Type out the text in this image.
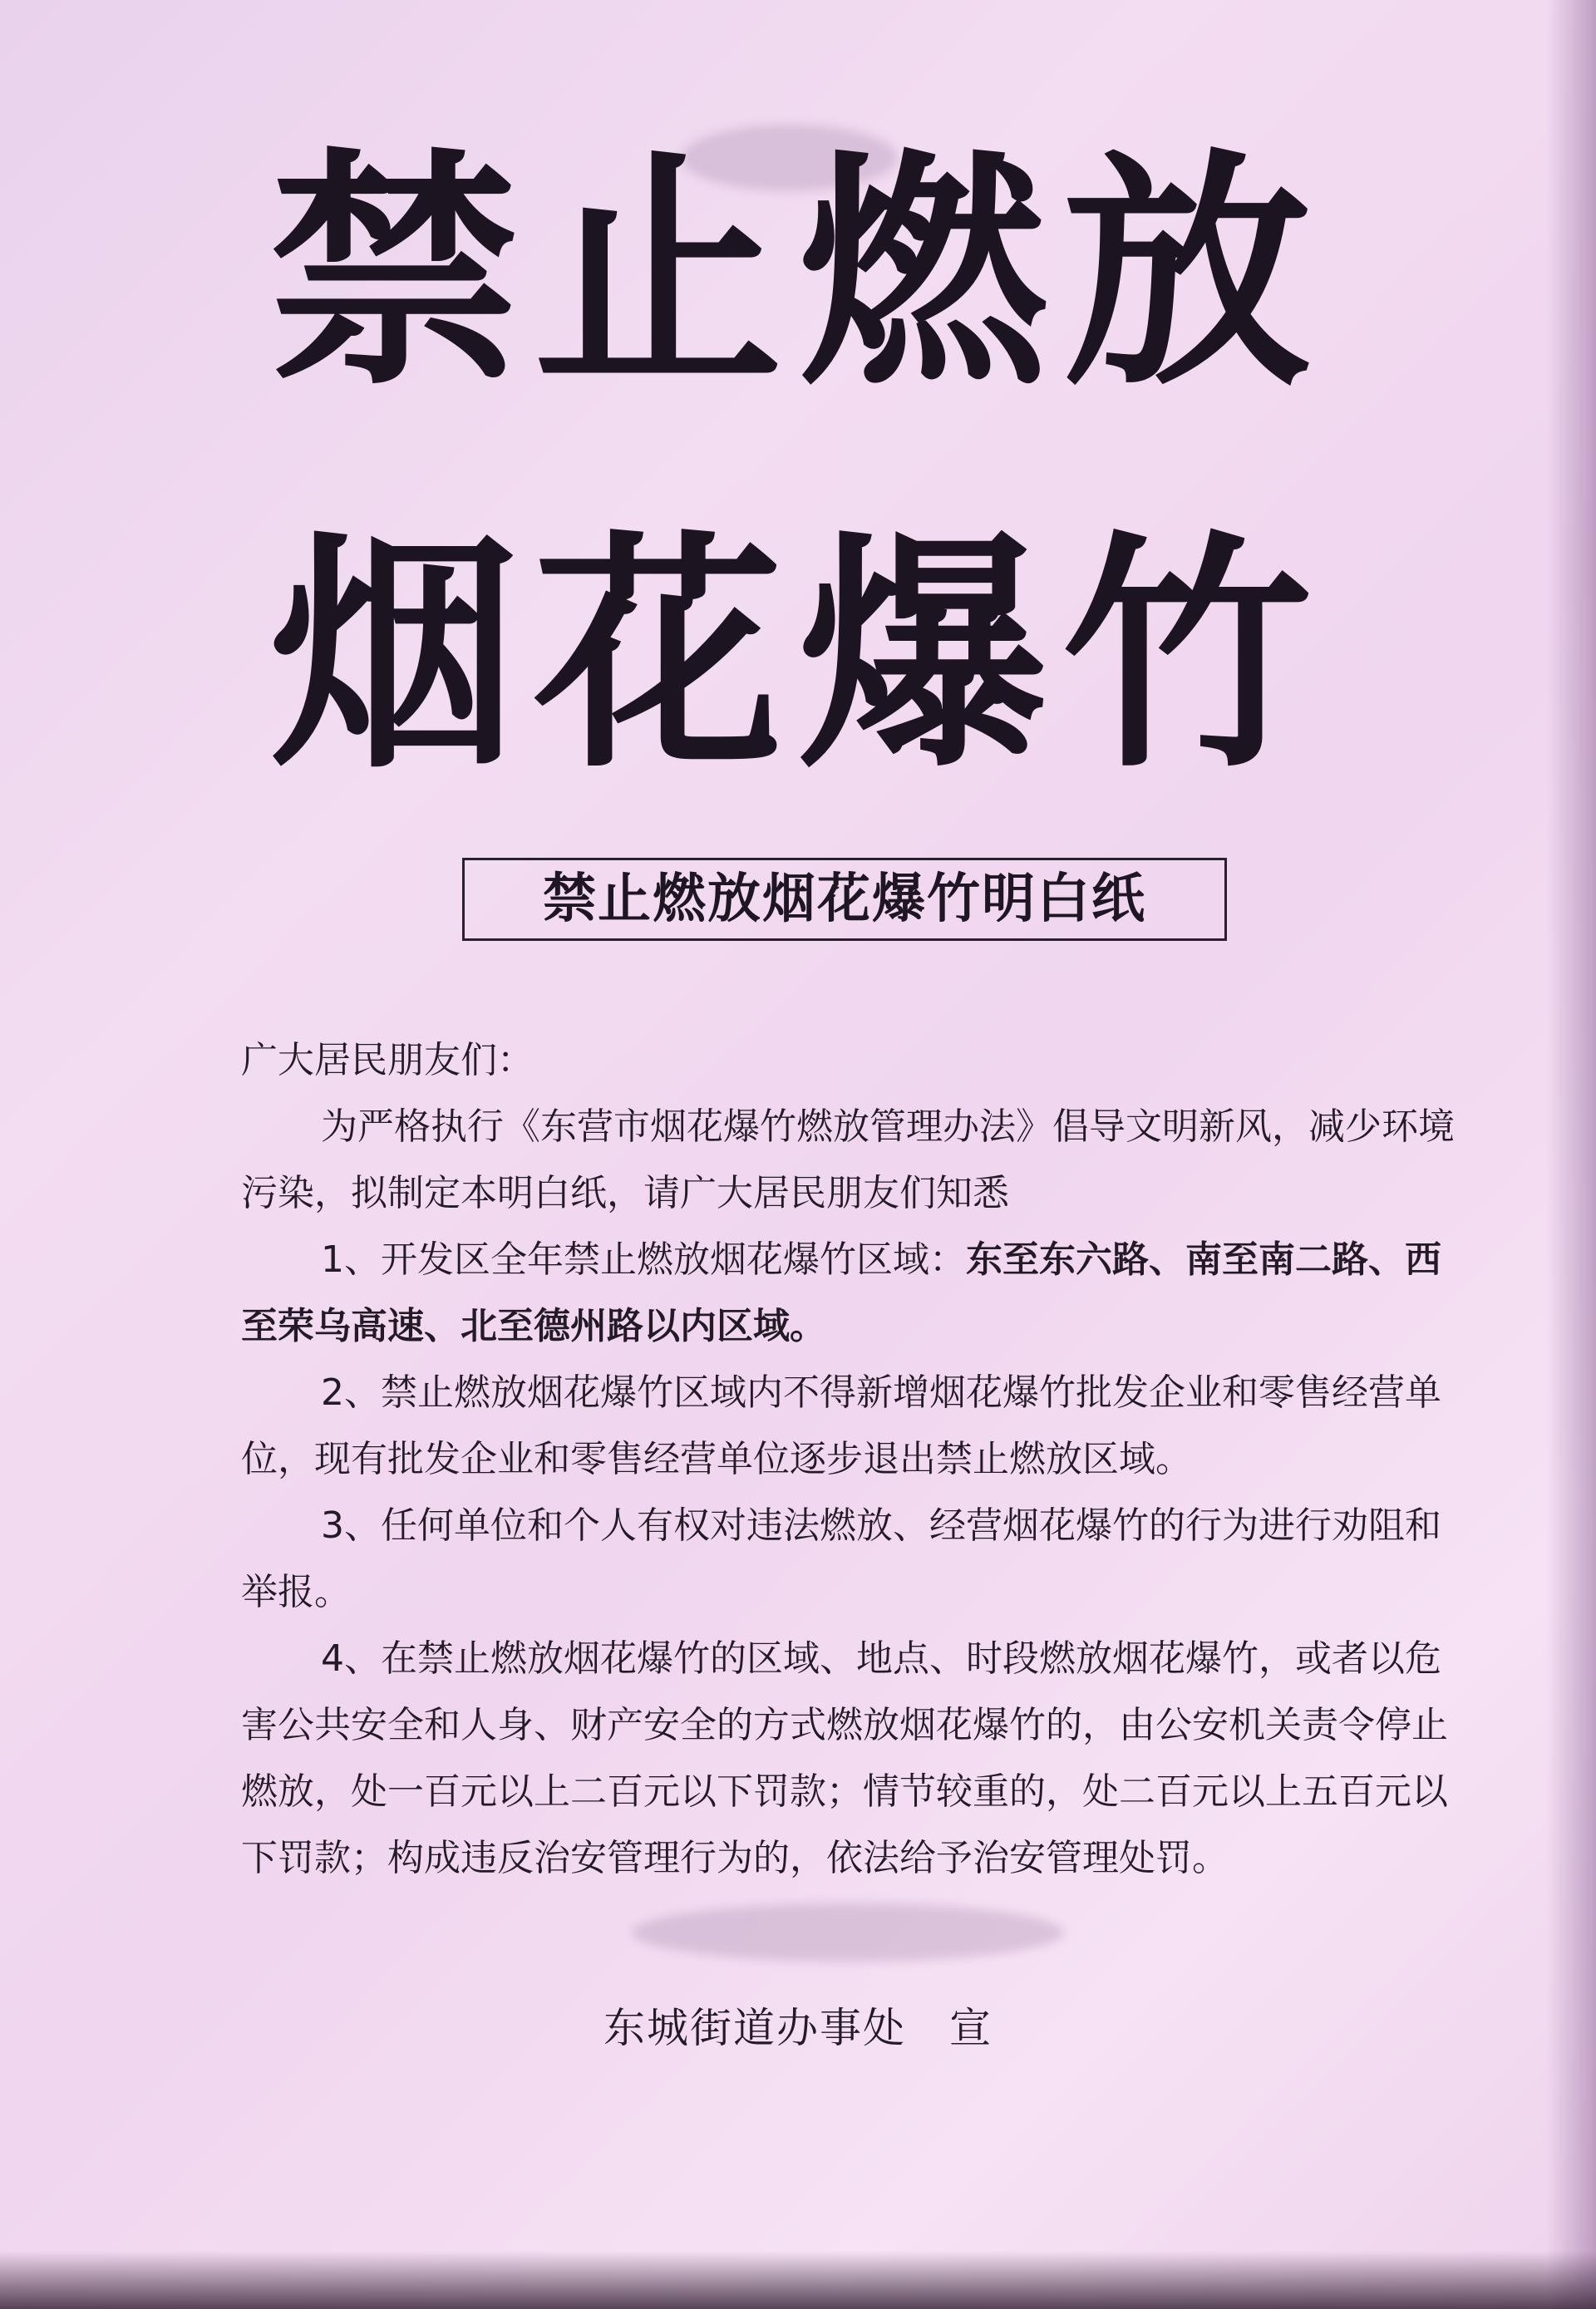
禁止燃放
烟花爆竹
禁止燃放烟花爆竹明白纸

广大居民朋友们：

为严格执行《东营市烟花爆竹燃放管理办法》倡导文明新风，减少环境污染，拟制定本明白纸，请广大居民朋友们知悉

1、开发区全年禁止燃放烟花爆竹区域：东至东六路、南至南二路、西至荣乌高速、北至德州路以内区域。

2、禁止燃放烟花爆竹区域内不得新增烟花爆竹批发企业和零售经营单位，现有批发企业和零售经营单位逐步退出禁止燃放区域。

3、任何单位和个人有权对违法燃放、经营烟花爆竹的行为进行劝阻和举报。

4、在禁止燃放烟花爆竹的区域、地点、时段燃放烟花爆竹，或者以危害公共安全和人身、财产安全的方式燃放烟花爆竹的，由公安机关责令停止燃放，处一百元以上二百元以下罚款；情节较重的，处二百元以上五百元以下罚款；构成违反治安管理行为的，依法给予治安管理处罚。

东城街道办事处　宣
